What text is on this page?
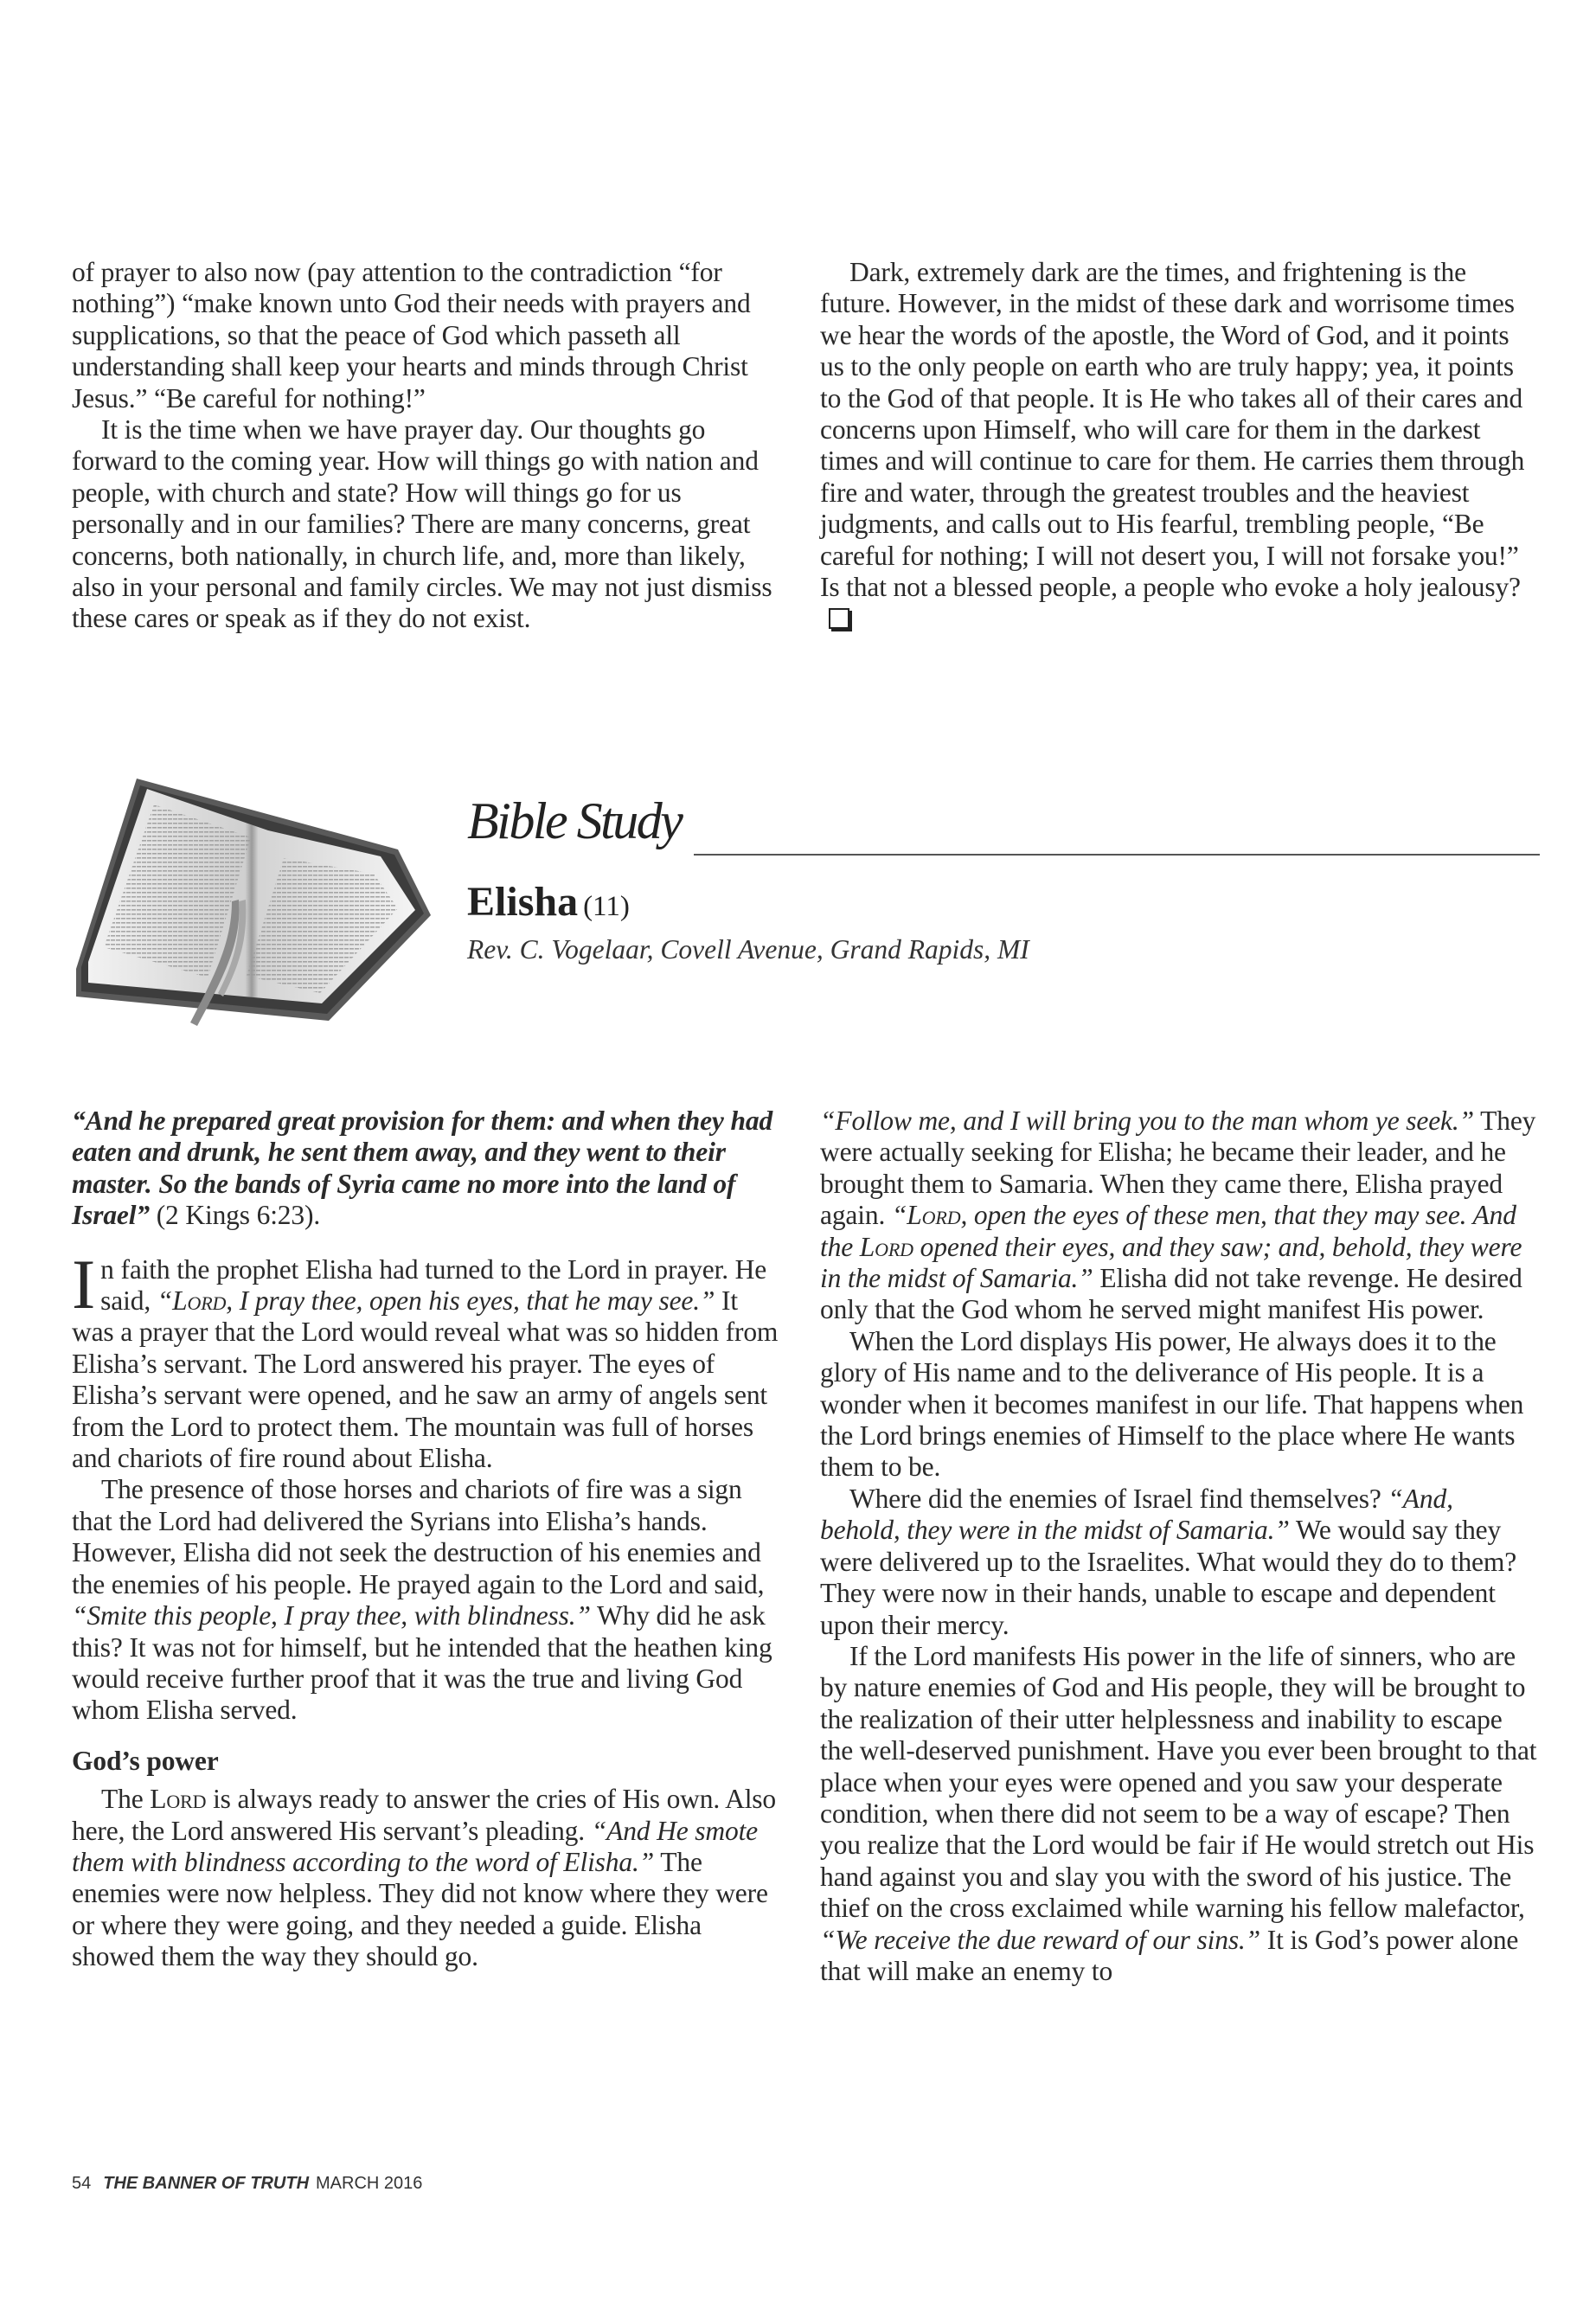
of prayer to also now (pay attention to the contradiction “for nothing”) “make known unto God their needs with prayers and supplications, so that the peace of God which passeth all understanding shall keep your hearts and minds through Christ Jesus.” “Be careful for nothing!”

It is the time when we have prayer day. Our thoughts go forward to the coming year. How will things go with nation and people, with church and state? How will things go for us personally and in our families? There are many concerns, great concerns, both nationally, in church life, and, more than likely, also in your personal and family circles. We may not just dismiss these cares or speak as if they do not exist.

Dark, extremely dark are the times, and frightening is the future. However, in the midst of these dark and worrisome times we hear the words of the apostle, the Word of God, and it points us to the only people on earth who are truly happy; yea, it points to the God of that people. It is He who takes all of their cares and concerns upon Himself, who will care for them in the darkest times and will continue to care for them. He carries them through fire and water, through the greatest troubles and the heaviest judgments, and calls out to His fearful, trembling people, “Be careful for nothing; I will not desert you, I will not forsake you!” Is that not a blessed people, a people who evoke a holy jealousy?

Bible Study
Elisha (11)
Rev. C. Vogelaar, Covell Avenue, Grand Rapids, MI

“And he prepared great provision for them: and when they had eaten and drunk, he sent them away, and they went to their master. So the bands of Syria came no more into the land of Israel” (2 Kings 6:23).

In faith the prophet Elisha had turned to the Lord in prayer. He said, “Lord, I pray thee, open his eyes, that he may see.” It was a prayer that the Lord would reveal what was so hidden from Elisha’s servant. The Lord answered his prayer. The eyes of Elisha’s servant were opened, and he saw an army of angels sent from the Lord to protect them. The mountain was full of horses and chariots of fire round about Elisha.

The presence of those horses and chariots of fire was a sign that the Lord had delivered the Syrians into Elisha’s hands. However, Elisha did not seek the destruction of his enemies and the enemies of his people. He prayed again to the Lord and said, “Smite this people, I pray thee, with blindness.” Why did he ask this? It was not for himself, but he intended that the heathen king would receive further proof that it was the true and living God whom Elisha served.

God’s power

The Lord is always ready to answer the cries of His own. Also here, the Lord answered His servant’s pleading. “And He smote them with blindness according to the word of Elisha.” The enemies were now helpless. They did not know where they were or where they were going, and they needed a guide. Elisha showed them the way they should go.

“Follow me, and I will bring you to the man whom ye seek.” They were actually seeking for Elisha; he became their leader, and he brought them to Samaria. When they came there, Elisha prayed again. “Lord, open the eyes of these men, that they may see. And the Lord opened their eyes, and they saw; and, behold, they were in the midst of Samaria.” Elisha did not take revenge. He desired only that the God whom he served might manifest His power.

When the Lord displays His power, He always does it to the glory of His name and to the deliverance of His people. It is a wonder when it becomes manifest in our life. That happens when the Lord brings enemies of Himself to the place where He wants them to be.

Where did the enemies of Israel find themselves? “And, behold, they were in the midst of Samaria.” We would say they were delivered up to the Israelites. What would they do to them? They were now in their hands, unable to escape and dependent upon their mercy.

If the Lord manifests His power in the life of sinners, who are by nature enemies of God and His people, they will be brought to the realization of their utter helplessness and inability to escape the well-deserved punishment. Have you ever been brought to that place when your eyes were opened and you saw your desperate condition, when there did not seem to be a way of escape? Then you realize that the Lord would be fair if He would stretch out His hand against you and slay you with the sword of his justice. The thief on the cross exclaimed while warning his fellow malefactor, “We receive the due reward of our sins.” It is God’s power alone that will make an enemy to

54 THE BANNER OF TRUTH MARCH 2016
